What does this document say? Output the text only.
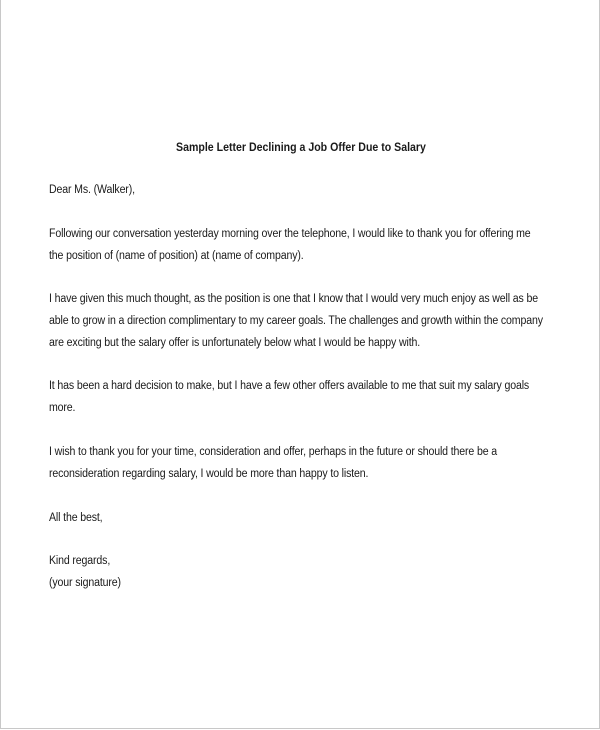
Sample Letter Declining a Job Offer Due to Salary
Dear Ms. (Walker),
Following our conversation yesterday morning over the telephone, I would like to thank you for offering me
the position of (name of position) at (name of company).
I have given this much thought, as the position is one that I know that I would very much enjoy as well as be
able to grow in a direction complimentary to my career goals. The challenges and growth within the company
are exciting but the salary offer is unfortunately below what I would be happy with.
It has been a hard decision to make, but I have a few other offers available to me that suit my salary goals
more.
I wish to thank you for your time, consideration and offer, perhaps in the future or should there be a
reconsideration regarding salary, I would be more than happy to listen.
All the best,
Kind regards,
(your signature)
